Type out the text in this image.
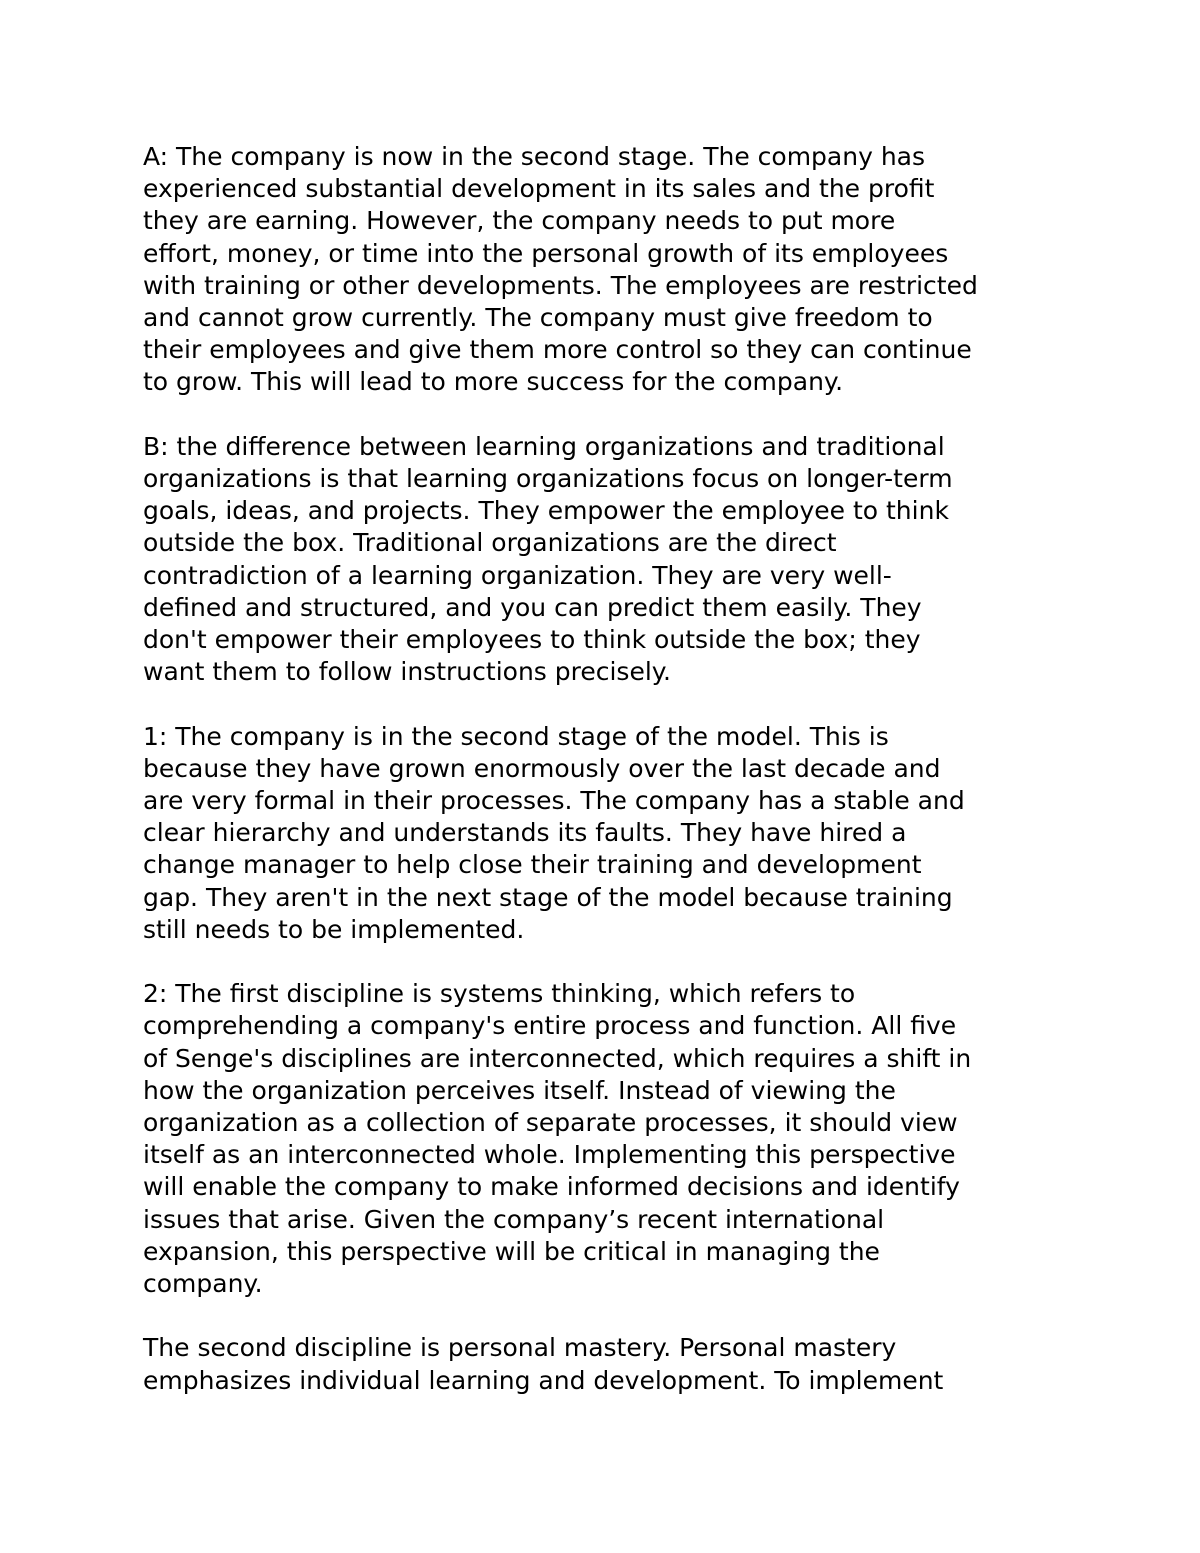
A: The company is now in the second stage. The company has
experienced substantial development in its sales and the profit
they are earning. However, the company needs to put more
effort, money, or time into the personal growth of its employees
with training or other developments. The employees are restricted
and cannot grow currently. The company must give freedom to
their employees and give them more control so they can continue
to grow. This will lead to more success for the company.

B: the difference between learning organizations and traditional
organizations is that learning organizations focus on longer-term
goals, ideas, and projects. They empower the employee to think
outside the box. Traditional organizations are the direct
contradiction of a learning organization. They are very well-
defined and structured, and you can predict them easily. They
don't empower their employees to think outside the box; they
want them to follow instructions precisely.

1: The company is in the second stage of the model. This is
because they have grown enormously over the last decade and
are very formal in their processes. The company has a stable and
clear hierarchy and understands its faults. They have hired a
change manager to help close their training and development
gap. They aren't in the next stage of the model because training
still needs to be implemented.

2: The first discipline is systems thinking, which refers to
comprehending a company's entire process and function. All five
of Senge's disciplines are interconnected, which requires a shift in
how the organization perceives itself. Instead of viewing the
organization as a collection of separate processes, it should view
itself as an interconnected whole. Implementing this perspective
will enable the company to make informed decisions and identify
issues that arise. Given the company’s recent international
expansion, this perspective will be critical in managing the
company.

The second discipline is personal mastery. Personal mastery
emphasizes individual learning and development. To implement
